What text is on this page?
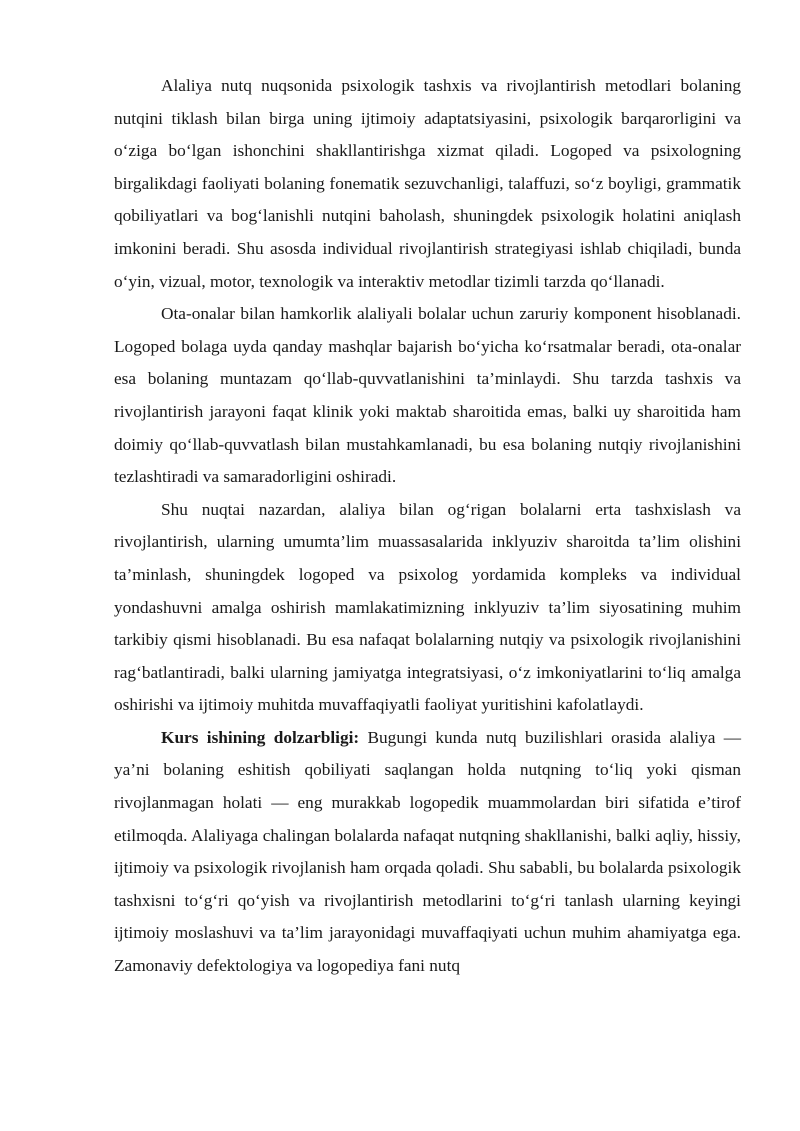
Alaliya nutq nuqsonida psixologik tashxis va rivojlantirish metodlari bolaning nutqini tiklash bilan birga uning ijtimoiy adaptatsiyasini, psixologik barqarorligini va o‘ziga bo‘lgan ishonchini shakllantirishga xizmat qiladi. Logoped va psixologning birgalikdagi faoliyati bolaning fonematik sezuvchanligi, talaffuzi, so‘z boyligi, grammatik qobiliyatlari va bog‘lanishli nutqini baholash, shuningdek psixologik holatini aniqlash imkonini beradi. Shu asosda individual rivojlantirish strategiyasi ishlab chiqiladi, bunda o‘yin, vizual, motor, texnologik va interaktiv metodlar tizimli tarzda qo‘llanadi.

Ota-onalar bilan hamkorlik alaliyali bolalar uchun zaruriy komponent hisoblanadi. Logoped bolaga uyda qanday mashqlar bajarish bo‘yicha ko‘rsatmalar beradi, ota-onalar esa bolaning muntazam qo‘llab-quvvatlanishini ta’minlaydi. Shu tarzda tashxis va rivojlantirish jarayoni faqat klinik yoki maktab sharoitida emas, balki uy sharoitida ham doimiy qo‘llab-quvvatlash bilan mustahkamlanadi, bu esa bolaning nutqiy rivojlanishini tezlashtiradi va samaradorligini oshiradi.

Shu nuqtai nazardan, alaliya bilan og‘rigan bolalarni erta tashxislash va rivojlantirish, ularning umumta’lim muassasalarida inklyuziv sharoitda ta’lim olishini ta’minlash, shuningdek logoped va psixolog yordamida kompleks va individual yondashuvni amalga oshirish mamlakatimizning inklyuziv ta’lim siyosatining muhim tarkibiy qismi hisoblanadi. Bu esa nafaqat bolalarning nutqiy va psixologik rivojlanishini rag‘batlantiradi, balki ularning jamiyatga integratsiyasi, o‘z imkoniyatlarini to‘liq amalga oshirishi va ijtimoiy muhitda muvaffaqiyatli faoliyat yuritishini kafolatlaydi.

Kurs ishining dolzarbligi: Bugungi kunda nutq buzilishlari orasida alaliya — ya’ni bolaning eshitish qobiliyati saqlangan holda nutqning to‘liq yoki qisman rivojlanmagan holati — eng murakkab logopedik muammolardan biri sifatida e’tirof etilmoqda. Alaliyaga chalingan bolalarda nafaqat nutqning shakllanishi, balki aqliy, hissiy, ijtimoiy va psixologik rivojlanish ham orqada qoladi. Shu sababli, bu bolalarda psixologik tashxisni to‘g‘ri qo‘yish va rivojlantirish metodlarini to‘g‘ri tanlash ularning keyingi ijtimoiy moslashuvi va ta’lim jarayonidagi muvaffaqiyati uchun muhim ahamiyatga ega. Zamonaviy defektologiya va logopediya fani nutq
